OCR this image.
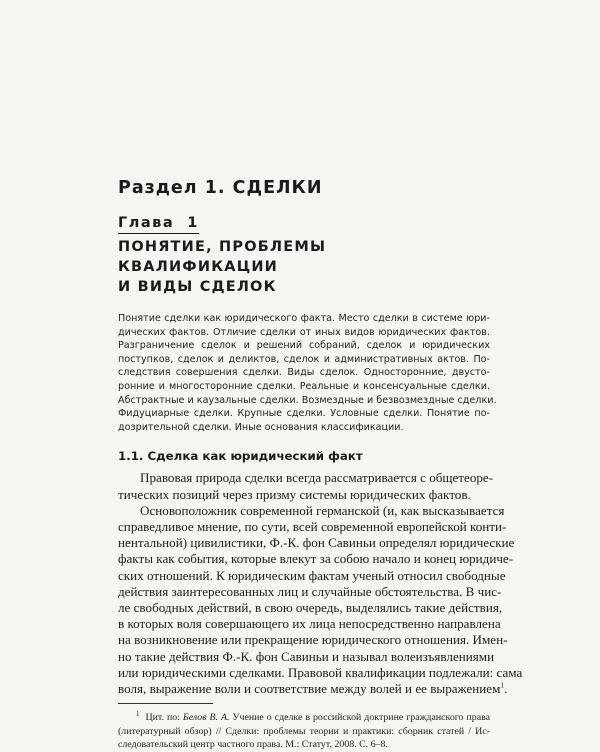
Раздел 1. СДЕЛКИ
Глава  1
ПОНЯТИЕ, ПРОБЛЕМЫ КВАЛИФИКАЦИИ
И ВИДЫ СДЕЛОК
Понятие сделки как юридического факта. Место сделки в системе юри-
дических фактов. Отличие сделки от иных видов юридических фактов.
Разграничение сделок и решений собраний, сделок и юридических
поступков, сделок и деликтов, сделок и административных актов. По-
следствия совершения сделки. Виды сделок. Односторонние, двусто-
ронние и многосторонние сделки. Реальные и консенсуальные сделки.
Абстрактные и каузальные сделки. Возмездные и безвозмездные сделки.
Фидуциарные сделки. Крупные сделки. Условные сделки. Понятие по-
дозрительной сделки. Иные основания классификации.
1.1. Сделка как юридический факт
Правовая природа сделки всегда рассматривается с общетеоре-
тических позиций через призму системы юридических фактов.
Основоположник современной германской (и, как высказывается
справедливое мнение, по сути, всей современной европейской конти-
нентальной) цивилистики, Ф.-К. фон Савиньи определял юридические
факты как события, которые влекут за собою начало и конец юридиче-
ских отношений. К юридическим фактам ученый относил свободные
действия заинтересованных лиц и случайные обстоятельства. В чис-
ле свободных действий, в свою очередь, выделялись такие действия,
в которых воля совершающего их лица непосредственно направлена
на возникновение или прекращение юридического отношения. Имен-
но такие действия Ф.-К. фон Савиньи и называл волеизъявлениями
или юридическими сделками. Правовой квалификации подлежали: сама
воля, выражение воли и соответствие между волей и ее выражением$^1$.
$^1$ Цит. по: Белов В. А. Учение о сделке в российской доктрине гражданского права
(литературный обзор) // Сделки: проблемы теории и практики: сборник статей / Ис-
следовательский центр частного права. М.: Статут, 2008. С. 6–8.
